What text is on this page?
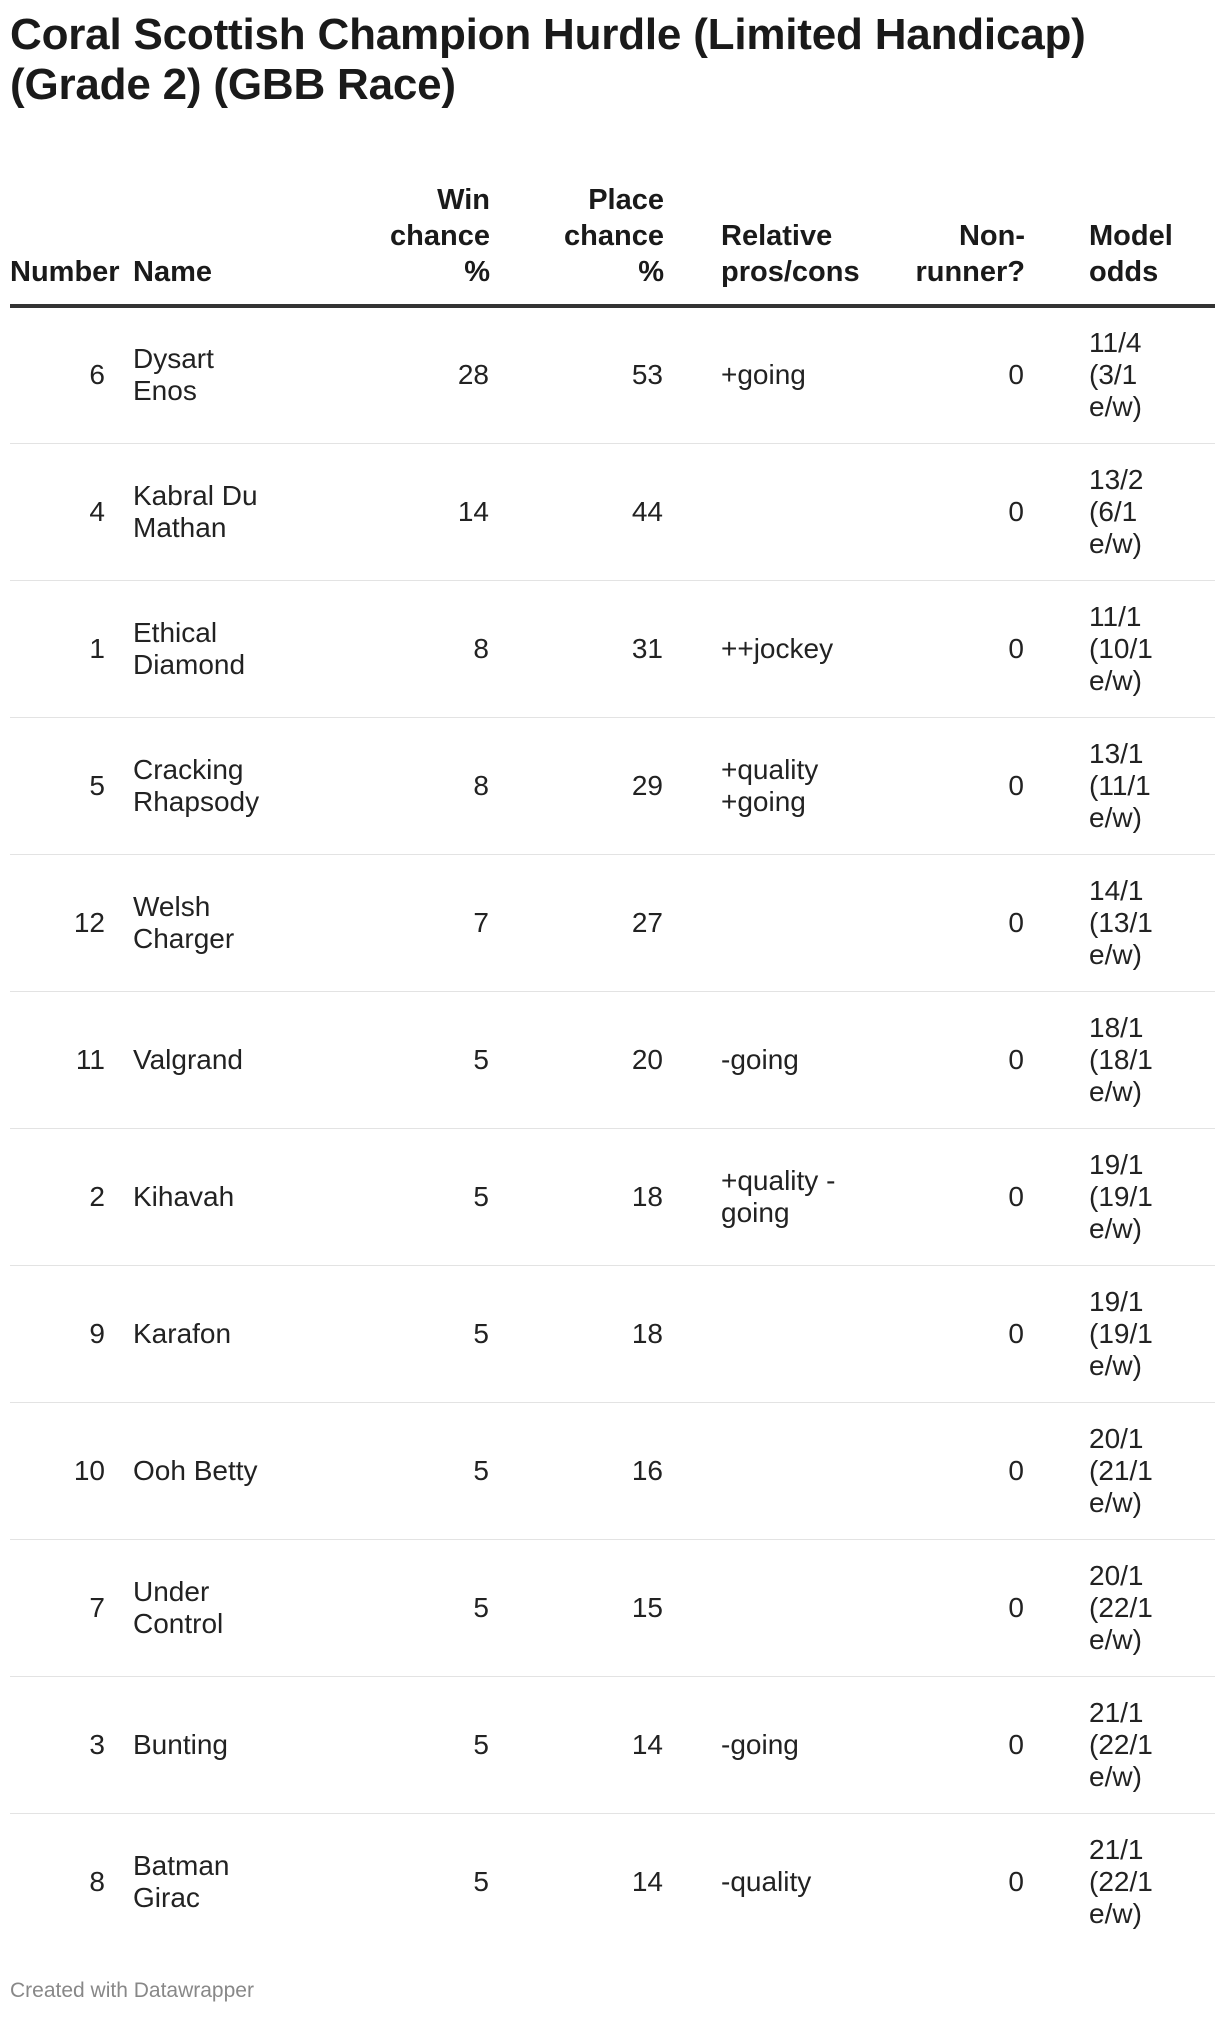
Coral Scottish Champion Hurdle (Limited Handicap) (Grade 2) (GBB Race)
Number	Name	Win chance %	Place chance %	Relative pros/cons	Non-runner?	Model odds

6	Dysart Enos	28	53	+going	0	11/4 (3/1 e/w)

4	Kabral Du Mathan	14	44		0	13/2 (6/1 e/w)

1	Ethical Diamond	8	31	++jockey	0	11/1 (10/1 e/w)

5	Cracking Rhapsody	8	29	+quality +going	0	13/1 (11/1 e/w)

12	Welsh Charger	7	27		0	14/1 (13/1 e/w)

11	Valgrand	5	20	-going	0	18/1 (18/1 e/w)

2	Kihavah	5	18	+quality -going	0	19/1 (19/1 e/w)

9	Karafon	5	18		0	19/1 (19/1 e/w)

10	Ooh Betty	5	16		0	20/1 (21/1 e/w)

7	Under Control	5	15		0	20/1 (22/1 e/w)

3	Bunting	5	14	-going	0	21/1 (22/1 e/w)

8	Batman Girac	5	14	-quality	0	21/1 (22/1 e/w)
Created with Datawrapper
